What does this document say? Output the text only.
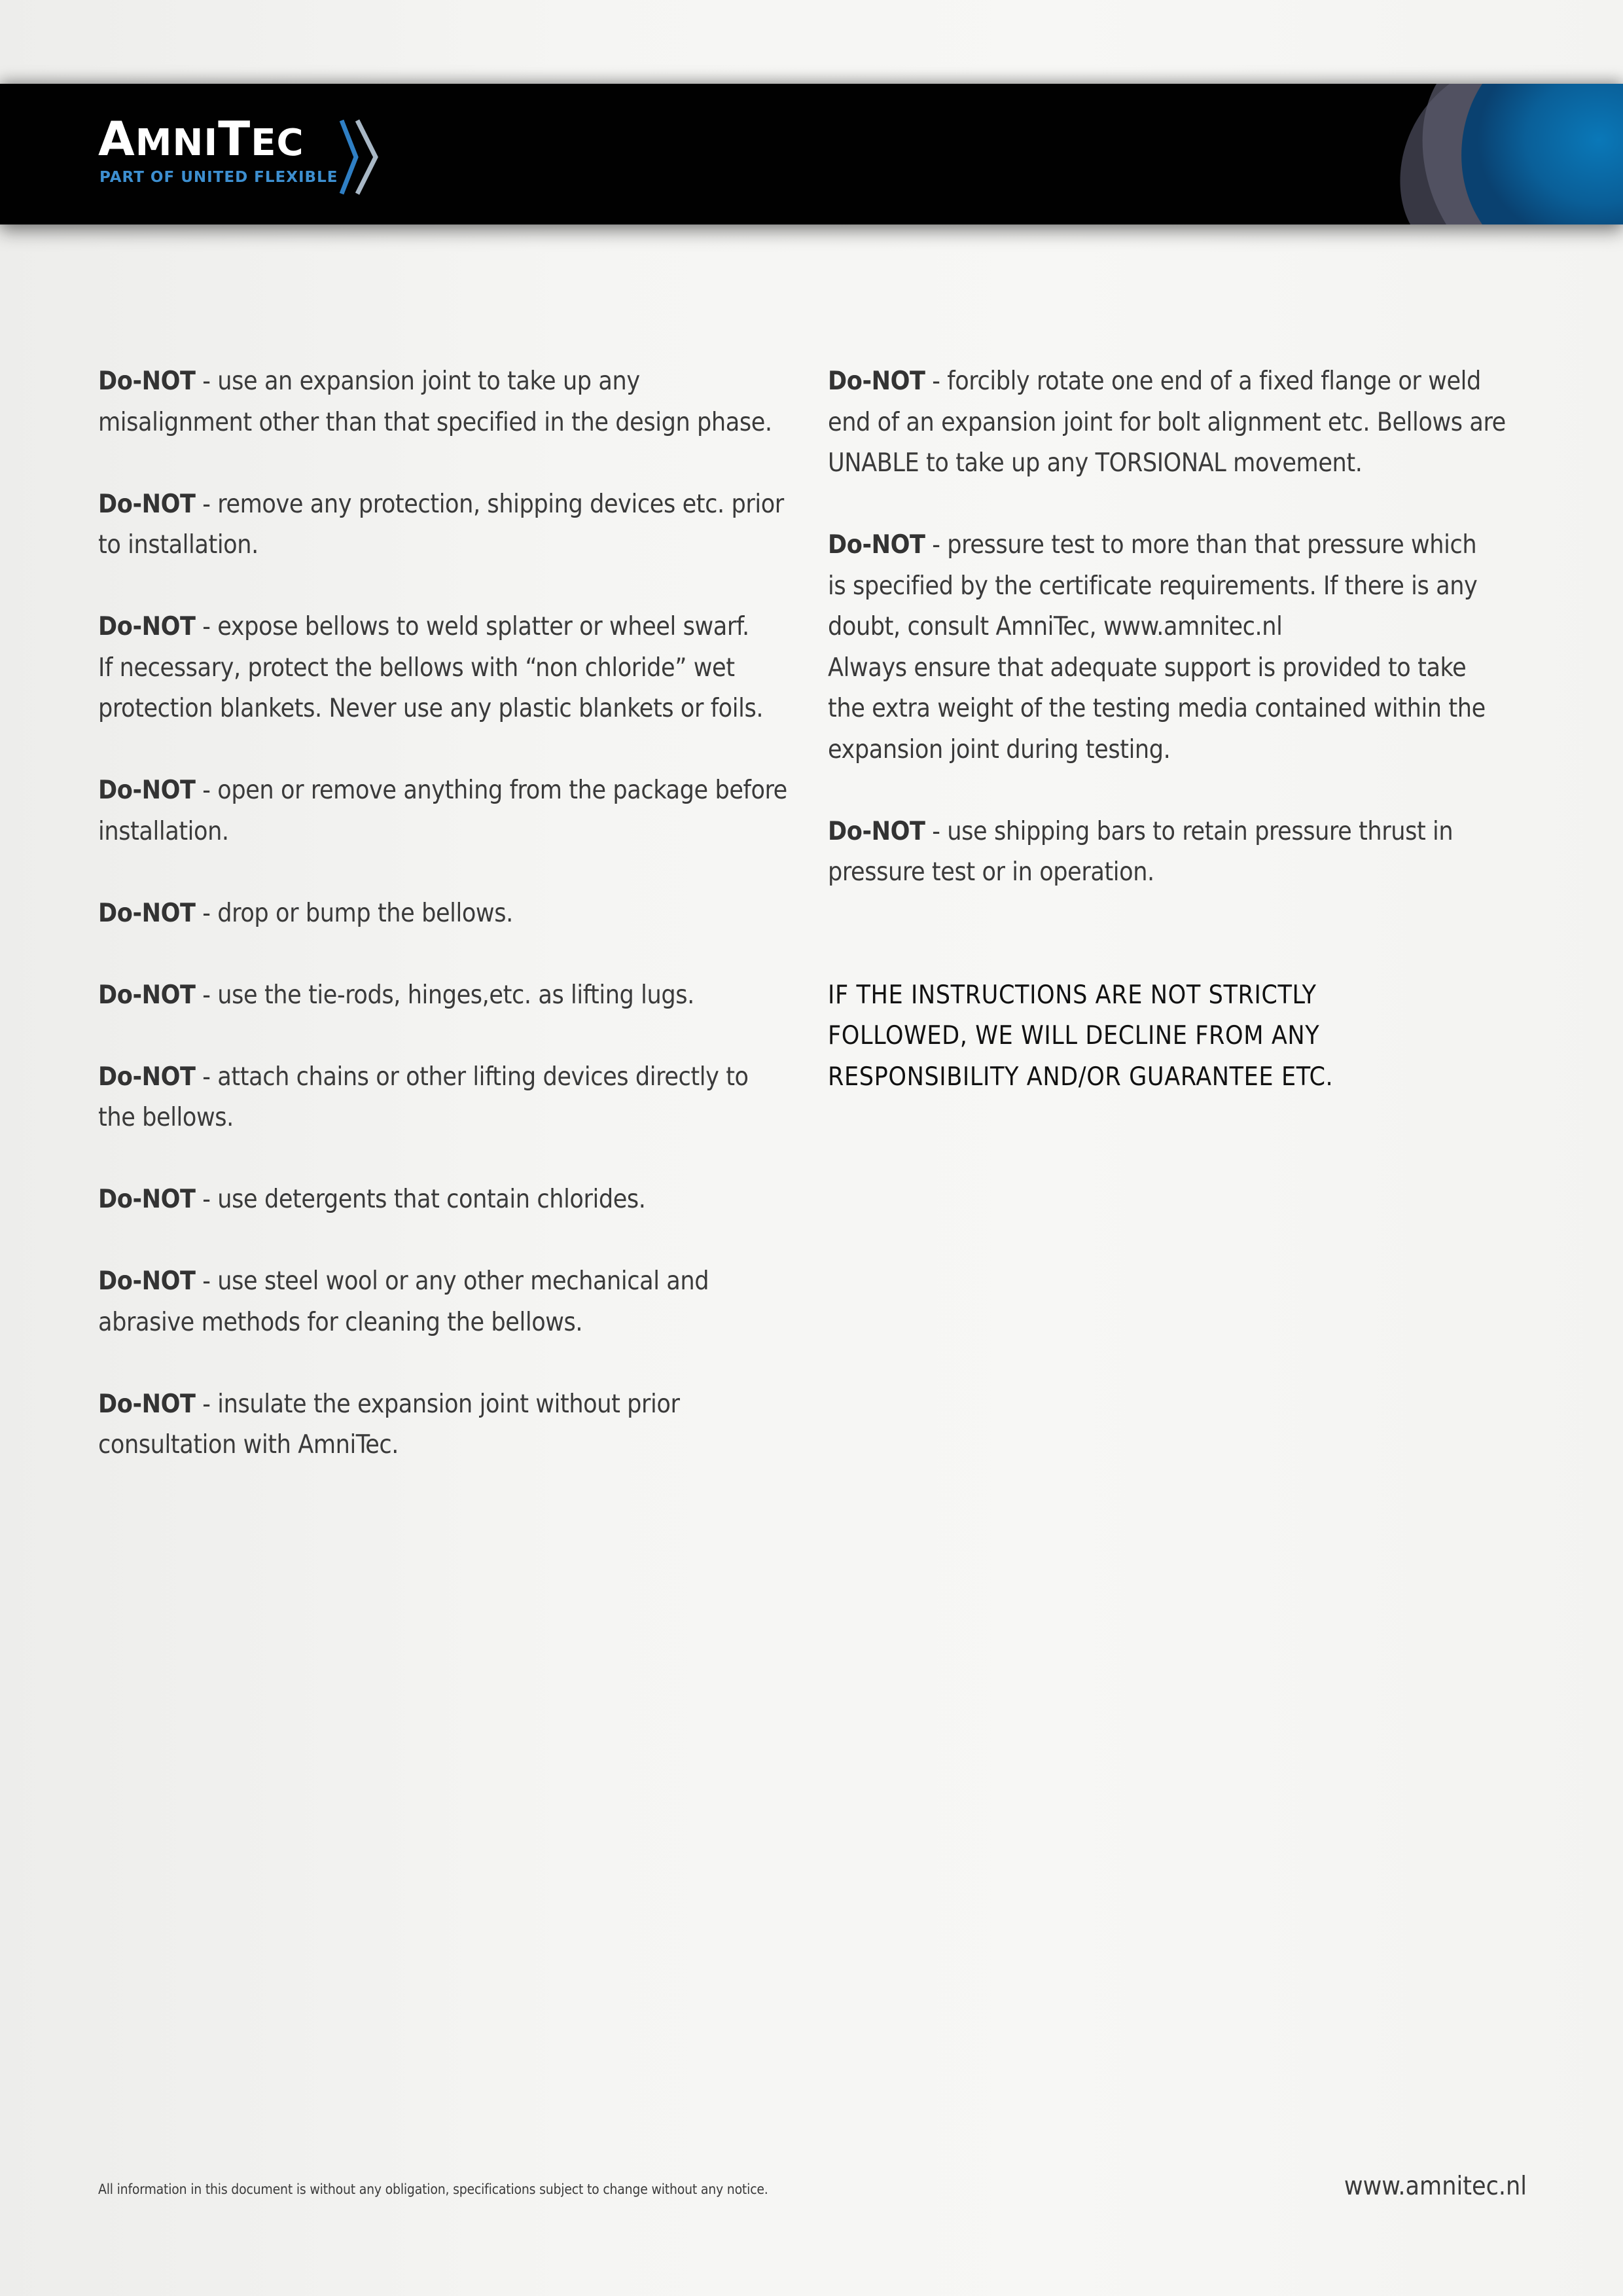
AMNITEC
PART OF UNITED FLEXIBLE

Do-NOT - use an expansion joint to take up any
misalignment other than that specified in the design phase.

Do-NOT - remove any protection, shipping devices etc. prior
to installation.

Do-NOT - expose bellows to weld splatter or wheel swarf.
If necessary, protect the bellows with “non chloride” wet
protection blankets. Never use any plastic blankets or foils.

Do-NOT - open or remove anything from the package before
installation.

Do-NOT - drop or bump the bellows.

Do-NOT - use the tie-rods, hinges,etc. as lifting lugs.

Do-NOT - attach chains or other lifting devices directly to
the bellows.

Do-NOT - use detergents that contain chlorides.

Do-NOT - use steel wool or any other mechanical and
abrasive methods for cleaning the bellows.

Do-NOT - insulate the expansion joint without prior
consultation with AmniTec.

Do-NOT - forcibly rotate one end of a fixed flange or weld
end of an expansion joint for bolt alignment etc. Bellows are
UNABLE to take up any TORSIONAL movement.

Do-NOT - pressure test to more than that pressure which
is specified by the certificate requirements. If there is any
doubt, consult AmniTec, www.amnitec.nl
Always ensure that adequate support is provided to take
the extra weight of the testing media contained within the
expansion joint during testing.

Do-NOT - use shipping bars to retain pressure thrust in
pressure test or in operation.

IF THE INSTRUCTIONS ARE NOT STRICTLY
FOLLOWED, WE WILL DECLINE FROM ANY
RESPONSIBILITY AND/OR GUARANTEE ETC.

All information in this document is without any obligation, specifications subject to change without any notice.	www.amnitec.nl
